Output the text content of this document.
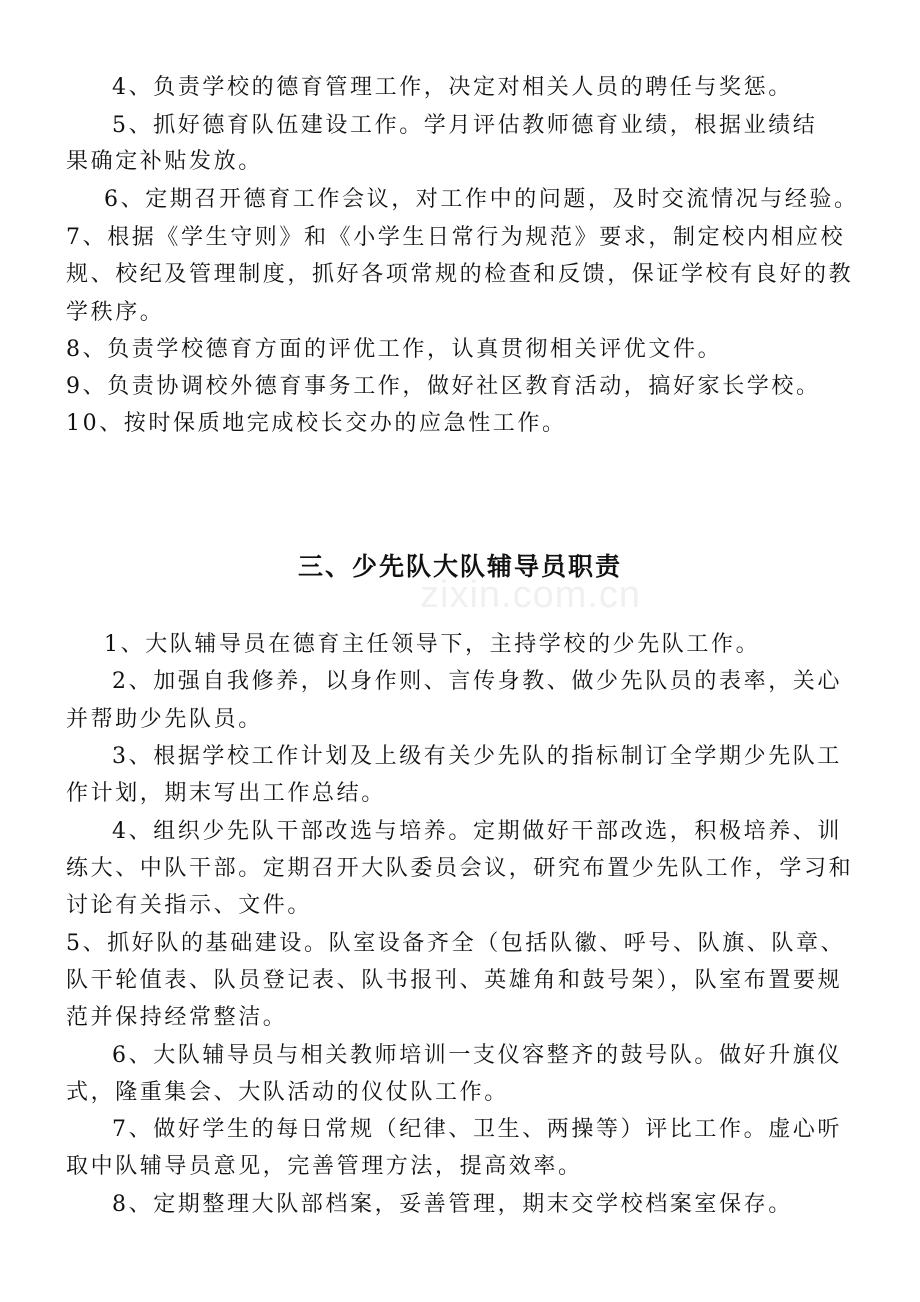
4、负责学校的德育管理工作，决定对相关人员的聘任与奖惩。
5、抓好德育队伍建设工作。学月评估教师德育业绩，根据业绩结
果确定补贴发放。
6、定期召开德育工作会议，对工作中的问题，及时交流情况与经验。
7、根据《学生守则》和《小学生日常行为规范》要求，制定校内相应校
规、校纪及管理制度，抓好各项常规的检查和反馈，保证学校有良好的教
学秩序。
8、负责学校德育方面的评优工作，认真贯彻相关评优文件。
9、负责协调校外德育事务工作，做好社区教育活动，搞好家长学校。
10、按时保质地完成校长交办的应急性工作。
三、少先队大队辅导员职责
zixin.com.cn
1、大队辅导员在德育主任领导下，主持学校的少先队工作。
2、加强自我修养，以身作则、言传身教、做少先队员的表率，关心
并帮助少先队员。
3、根据学校工作计划及上级有关少先队的指标制订全学期少先队工
作计划，期末写出工作总结。
4、组织少先队干部改选与培养。定期做好干部改选，积极培养、训
练大、中队干部。定期召开大队委员会议，研究布置少先队工作，学习和
讨论有关指示、文件。
5、抓好队的基础建设。队室设备齐全（包括队徽、呼号、队旗、队章、
队干轮值表、队员登记表、队书报刊、英雄角和鼓号架），队室布置要规
范并保持经常整洁。
6、大队辅导员与相关教师培训一支仪容整齐的鼓号队。做好升旗仪
式，隆重集会、大队活动的仪仗队工作。
7、做好学生的每日常规（纪律、卫生、两操等）评比工作。虚心听
取中队辅导员意见，完善管理方法，提高效率。
8、定期整理大队部档案，妥善管理，期末交学校档案室保存。
